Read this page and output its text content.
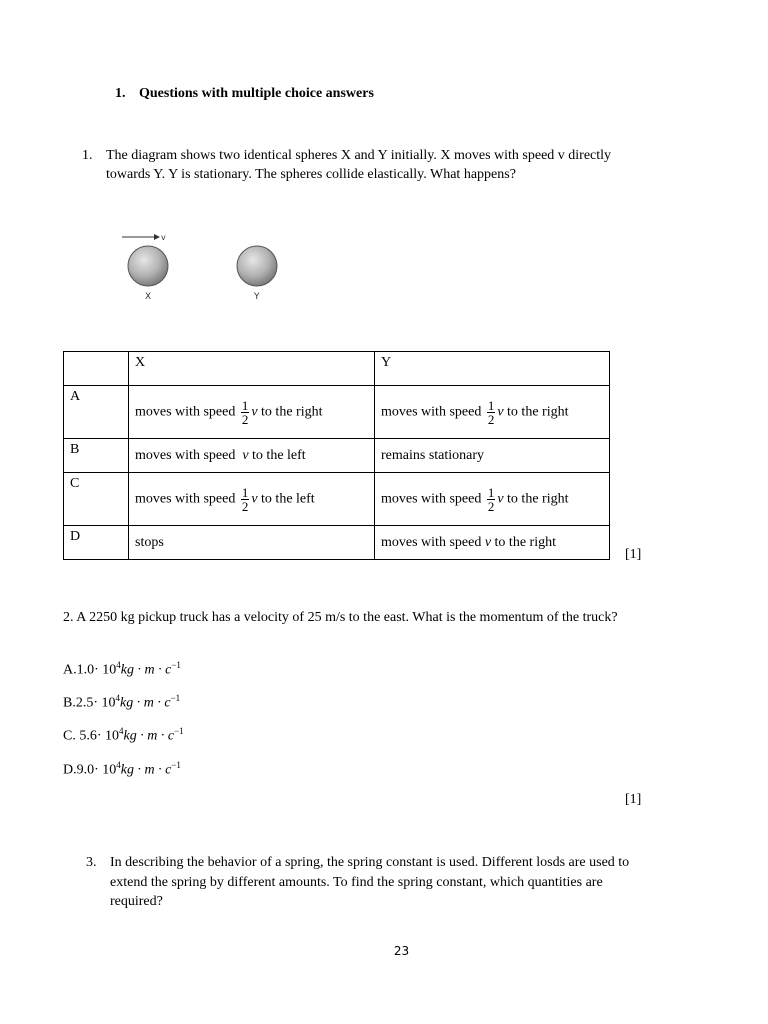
1. Questions with multiple choice answers
1. The diagram shows two identical spheres X and Y initially. X moves with speed v directly towards Y. Y is stationary. The spheres collide elastically. What happens?
v
X	Y
	X	Y
A	moves with speed $\frac{1}{2}$ v to the right	moves with speed $\frac{1}{2}$ v to the right
B	moves with speed v to the left	remains stationary
C	moves with speed $\frac{1}{2}$ v to the left	moves with speed $\frac{1}{2}$ v to the right
D	stops	moves with speed v to the right
[1]
2. A 2250 kg pickup truck has a velocity of 25 m/s to the east. What is the momentum of the truck?
$A.1.0\cdot 10^4kg \cdot m \cdot c^{-1}$
$B.2.5\cdot 10^4kg \cdot m \cdot c^{-1}$
C. $5.6\cdot 10^4kg \cdot m \cdot c^{-1}$
$D.9.0\cdot 10^4kg \cdot m \cdot c^{-1}$
[1]
3. In describing the behavior of a spring, the spring constant is used. Different losds are used to extend the spring by different amounts. To find the spring constant, which quantities are required?
23
